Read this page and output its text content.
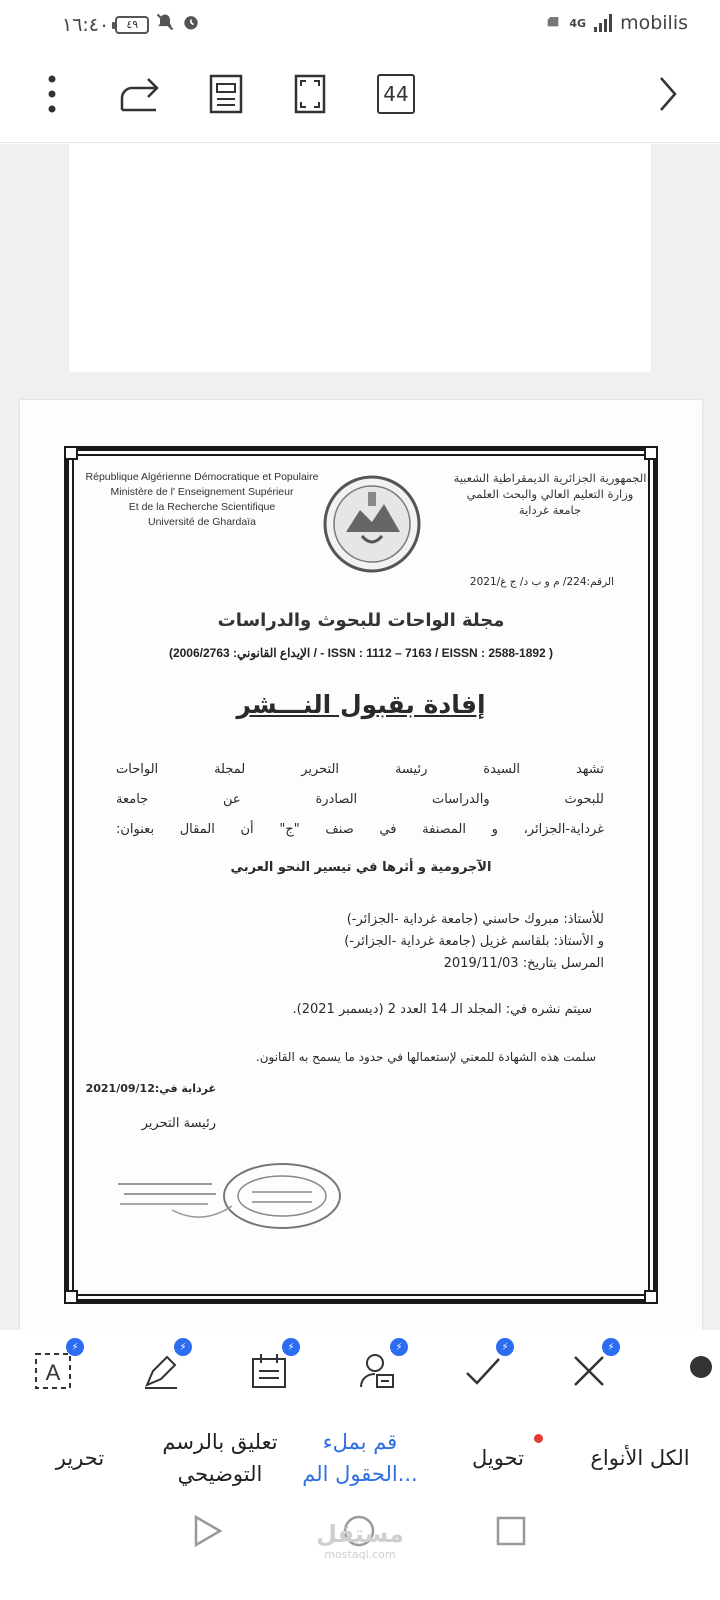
١٦:٤٠	٤٩	4G mobilis
44
République Algérienne Démocratique et Populaire
Ministère de l' Enseignement Supérieur
Et de la Recherche Scientifique
Université de Ghardaïa
الجمهورية الجزائرية الديمقراطية الشعبية
وزارة التعليم العالي والبحث العلمي
جامعة غرداية
الرقم:224/ م و ب د/ ج غ/2021
مجلة الواحات للبحوث والدراسات
(الإيداع القانوني: 2006/2763 / - ISSN : 1112 – 7163 / EISSN : 2588-1892 )
إفادة بقبول النـــشر
تشهد السيدة رئيسة التحرير لمجلة الواحات
للبحوث والدراسات الصادرة عن جامعة
غرداية-الجزائر، و المصنفة في صنف "ج" أن المقال بعنوان:
الآجرومية و أثرها في تيسير النحو العربي
للأستاذ: مبروك حاسني (جامعة غرداية -الجزائر-)
و الأستاذ: بلقاسم غزيل (جامعة غرداية -الجزائر-)
المرسل بتاريخ: 2019/11/03
سيتم نشره في: المجلد الـ 14 العدد 2 (ديسمبر 2021).
سلمت هذه الشهادة للمعني لإستعمالها في حدود ما يسمح به القانون.
غرداية في:2021/09/12
رئيسة التحرير
A
⚡	⚡	⚡	⚡	⚡	⚡
الكل الأنواع
تحويل
قم بملء
الحقول الم...
تعليق بالرسم
التوضيحي
تحرير
مستقل
mostaql.com
